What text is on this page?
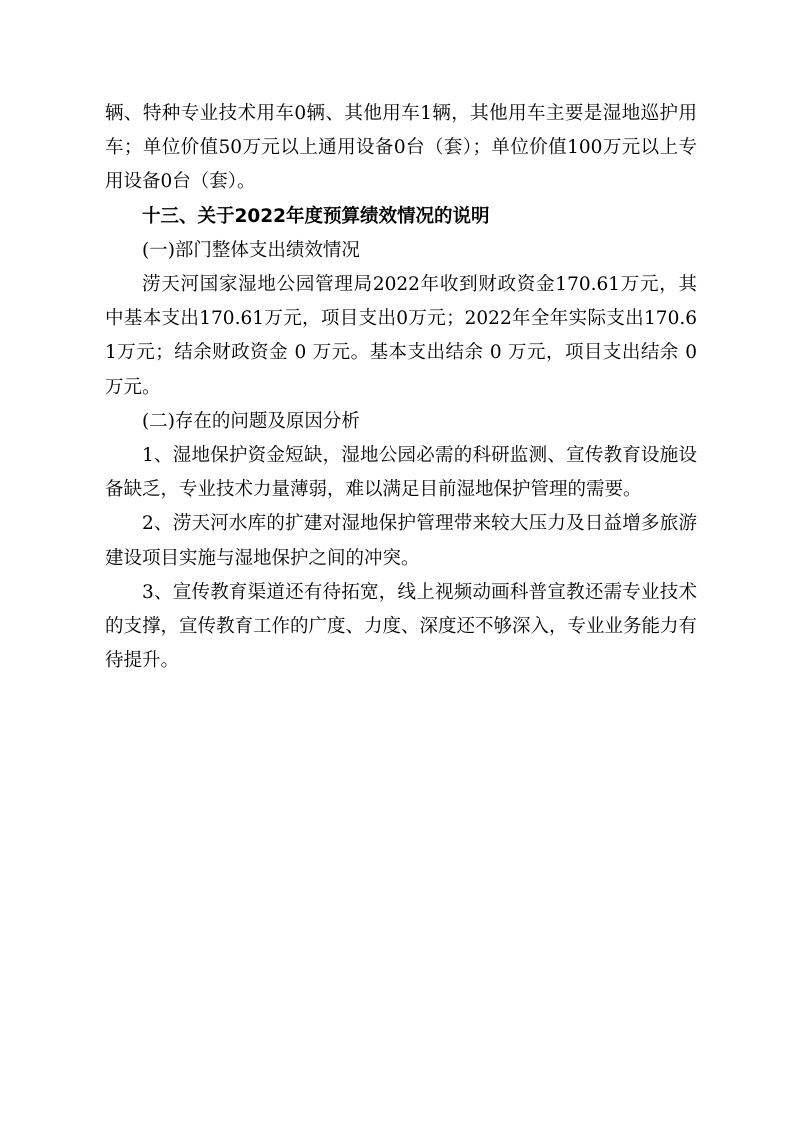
辆、特种专业技术用车0辆、其他用车1辆，其他用车主要是湿地巡护用车；单位价值50万元以上通用设备0台（套）；单位价值100万元以上专用设备0台（套）。

十三、关于2022年度预算绩效情况的说明

(一)部门整体支出绩效情况

涝天河国家湿地公园管理局2022年收到财政资金170.61万元，其中基本支出170.61万元，项目支出0万元；2022年全年实际支出170.61万元；结余财政资金 0 万元。基本支出结余 0 万元，项目支出结余 0 万元。

(二)存在的问题及原因分析

1、湿地保护资金短缺，湿地公园必需的科研监测、宣传教育设施设备缺乏，专业技术力量薄弱，难以满足目前湿地保护管理的需要。

2、涝天河水库的扩建对湿地保护管理带来较大压力及日益增多旅游建设项目实施与湿地保护之间的冲突。

3、宣传教育渠道还有待拓宽，线上视频动画科普宣教还需专业技术的支撑，宣传教育工作的广度、力度、深度还不够深入，专业业务能力有待提升。
